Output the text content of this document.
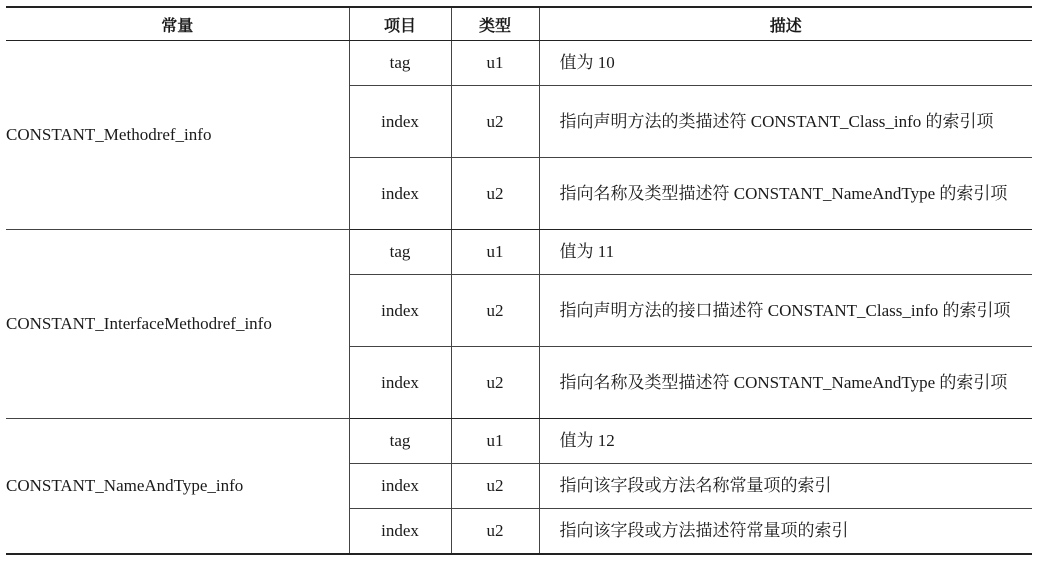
常量	项目	类型	描述
CONSTANT_Methodref_info	tag	u1	值为 10

	index	u2	指向声明方法的类描述符 CONSTANT_Class_info 的索引项

	index	u2	指向名称及类型描述符 CONSTANT_NameAndType 的索引项

CONSTANT_InterfaceMethodref_info	tag	u1	值为 11

	index	u2	指向声明方法的接口描述符 CONSTANT_Class_info 的索引项

	index	u2	指向名称及类型描述符 CONSTANT_NameAndType 的索引项

CONSTANT_NameAndType_info	tag	u1	值为 12

	index	u2	指向该字段或方法名称常量项的索引

	index	u2	指向该字段或方法描述符常量项的索引
